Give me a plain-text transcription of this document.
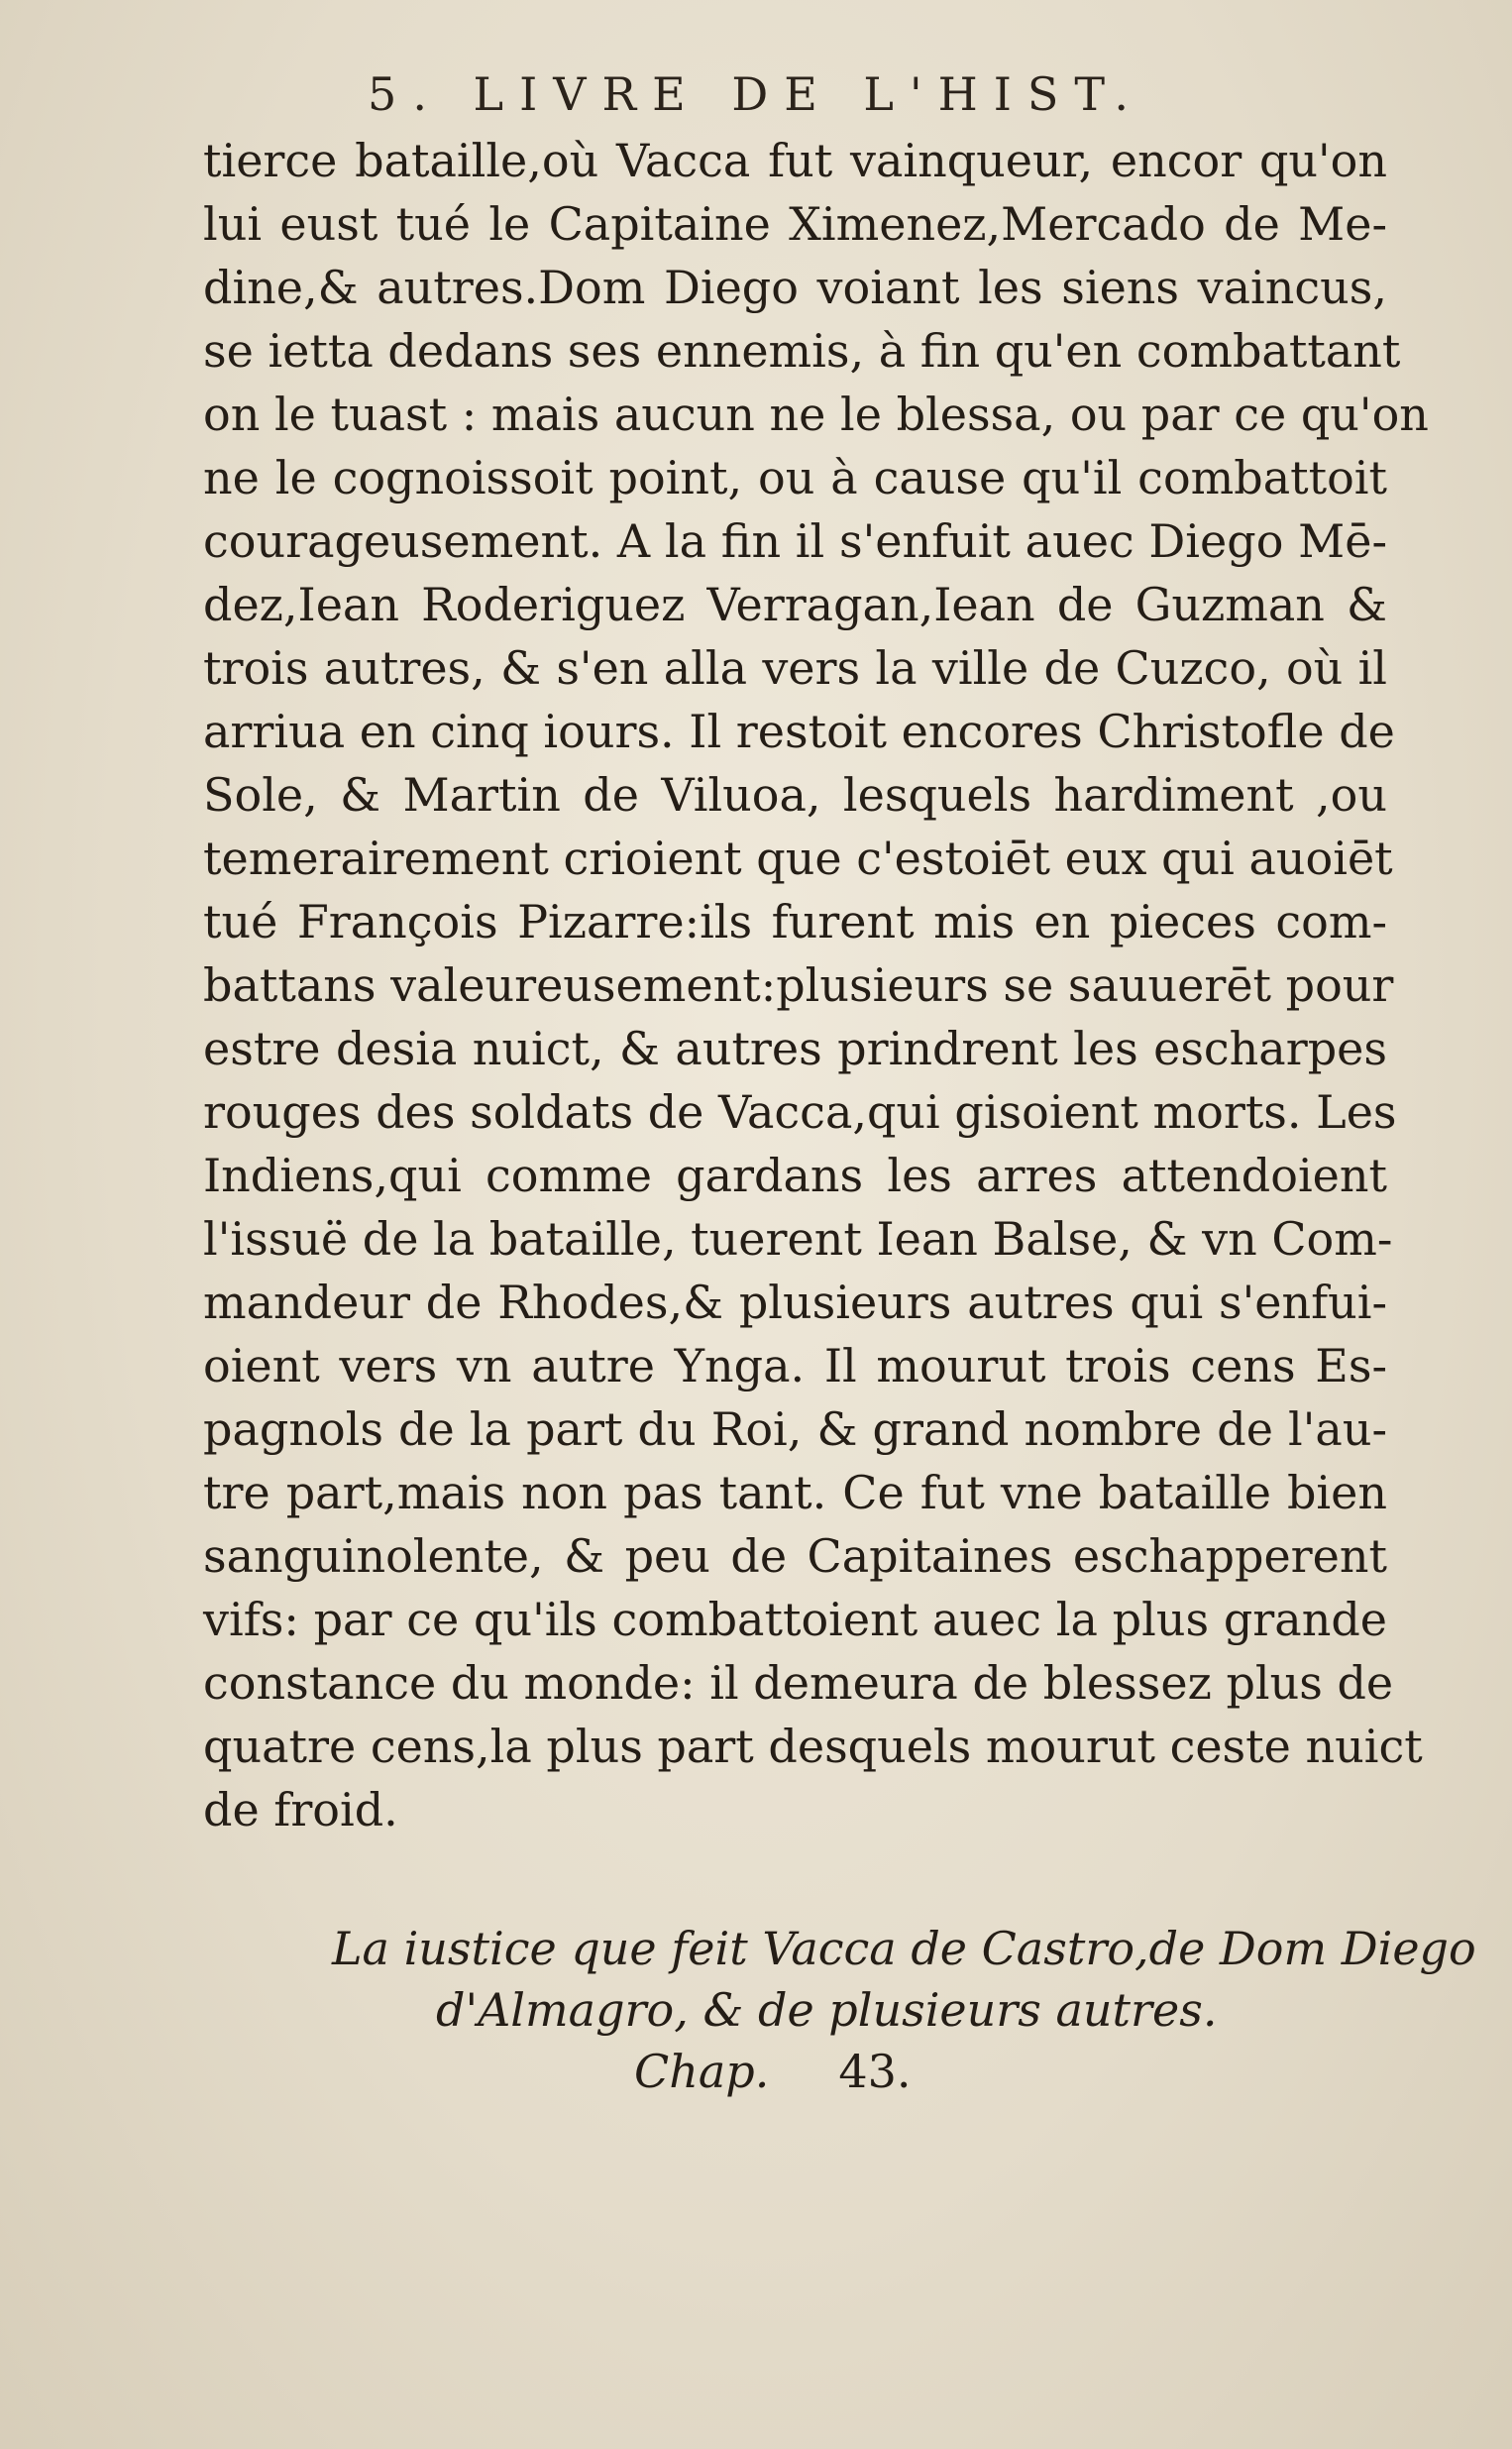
5. LIVRE DE L'HIST.
tierce bataille,où Vacca fut vainqueur, encor qu'on
lui eust tué le Capitaine Ximenez,Mercado de Me-
dine,& autres.Dom Diego voiant les siens vaincus,
se ietta dedans ses ennemis, à fin qu'en combattant
on le tuast : mais aucun ne le blessa, ou par ce qu'on
ne le cognoissoit point, ou à cause qu'il combattoit
courageusement. A la fin il s'enfuit auec Diego Mē-
dez,Iean Roderiguez Verragan,Iean de Guzman &
trois autres, & s'en alla vers la ville de Cuzco, où il
arriua en cinq iours. Il restoit encores Christofle de
Sole, & Martin de Viluoa, lesquels hardiment ,ou
temerairement crioient que c'estoiēt eux qui auoiēt
tué François Pizarre:ils furent mis en pieces com-
battans valeureusement:plusieurs se sauuerēt pour
estre desia nuict, & autres prindrent les escharpes
rouges des soldats de Vacca,qui gisoient morts. Les
Indiens,qui comme gardans les arres attendoient
l'issuë de la bataille, tuerent Iean Balse, & vn Com-
mandeur de Rhodes,& plusieurs autres qui s'enfui-
oient vers vn autre Ynga. Il mourut trois cens Es-
pagnols de la part du Roi, & grand nombre de l'au-
tre part,mais non pas tant. Ce fut vne bataille bien
sanguinolente, & peu de Capitaines eschapperent
vifs: par ce qu'ils combattoient auec la plus grande
constance du monde: il demeura de blessez plus de
quatre cens,la plus part desquels mourut ceste nuict
de froid.
La iustice que feit Vacca de Castro,de Dom Diego
d'Almagro, & de plusieurs autres.
Chap. 43.
